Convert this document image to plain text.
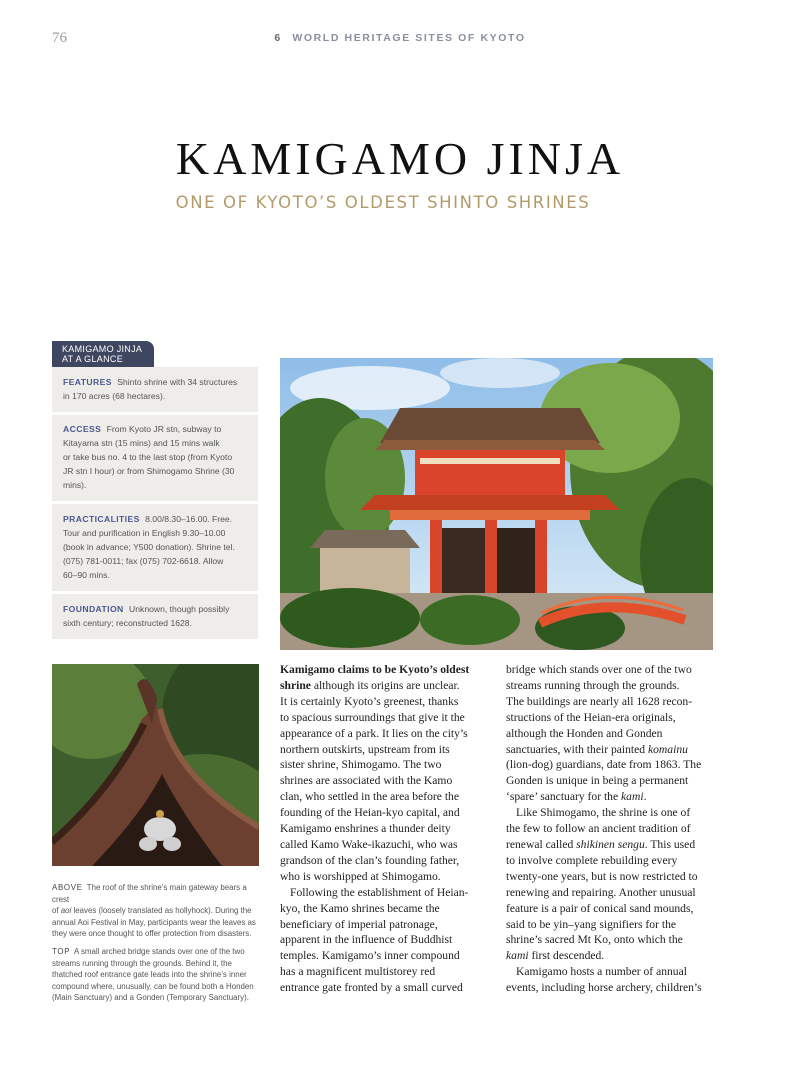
76	6 WORLD HERITAGE SITES OF KYOTO
KAMIGAMO JINJA
ONE OF KYOTO’S OLDEST SHINTO SHRINES
KAMIGAMO JINJA
AT A GLANCE
FEATURES Shinto shrine with 34 structures
in 170 acres (68 hectares).
ACCESS From Kyoto JR stn, subway to
Kitayama stn (15 mins) and 15 mins walk
or take bus no. 4 to the last stop (from Kyoto
JR stn I hour) or from Shimogamo Shrine (30
mins).
PRACTICALITIES 8.00/8.30–16.00. Free.
Tour and purification in English 9.30–10.00
(book in advance; Y500 donation). Shrine tel.
(075) 781-0011; fax (075) 702-6618. Allow
60–90 mins.
FOUNDATION Unknown, though possibly
sixth century; reconstructed 1628.

ABOVE The roof of the shrine’s main gateway bears a crest
of aoi leaves (loosely translated as hollyhock). During the
annual Aoi Festival in May, participants wear the leaves as
they were once thought to offer protection from disasters.

TOP A small arched bridge stands over one of the two
streams running through the grounds. Behind it, the
thatched roof entrance gate leads into the shrine’s inner
compound where, unusually, can be found both a Honden
(Main Sanctuary) and a Gonden (Temporary Sanctuary).

Kamigamo claims to be Kyoto’s oldest
shrine although its origins are unclear.
It is certainly Kyoto’s greenest, thanks
to spacious surroundings that give it the
appearance of a park. It lies on the city’s
northern outskirts, upstream from its
sister shrine, Shimogamo. The two
shrines are associated with the Kamo
clan, who settled in the area before the
founding of the Heian-kyo capital, and
Kamigamo enshrines a thunder deity
called Kamo Wake-ikazuchi, who was
grandson of the clan’s founding father,
who is worshipped at Shimogamo.
Following the establishment of Heian-
kyo, the Kamo shrines became the
beneficiary of imperial patronage,
apparent in the influence of Buddhist
temples. Kamigamo’s inner compound
has a magnificent multistorey red
entrance gate fronted by a small curved
bridge which stands over one of the two
streams running through the grounds.
The buildings are nearly all 1628 recon-
structions of the Heian-era originals,
although the Honden and Gonden
sanctuaries, with their painted komainu
(lion-dog) guardians, date from 1863. The
Gonden is unique in being a permanent
‘spare’ sanctuary for the kami.
Like Shimogamo, the shrine is one of
the few to follow an ancient tradition of
renewal called shikinen sengu. This used
to involve complete rebuilding every
twenty-one years, but is now restricted to
renewing and repairing. Another unusual
feature is a pair of conical sand mounds,
said to be yin–yang signifiers for the
shrine’s sacred Mt Ko, onto which the
kami first descended.
Kamigamo hosts a number of annual
events, including horse archery, children’s
